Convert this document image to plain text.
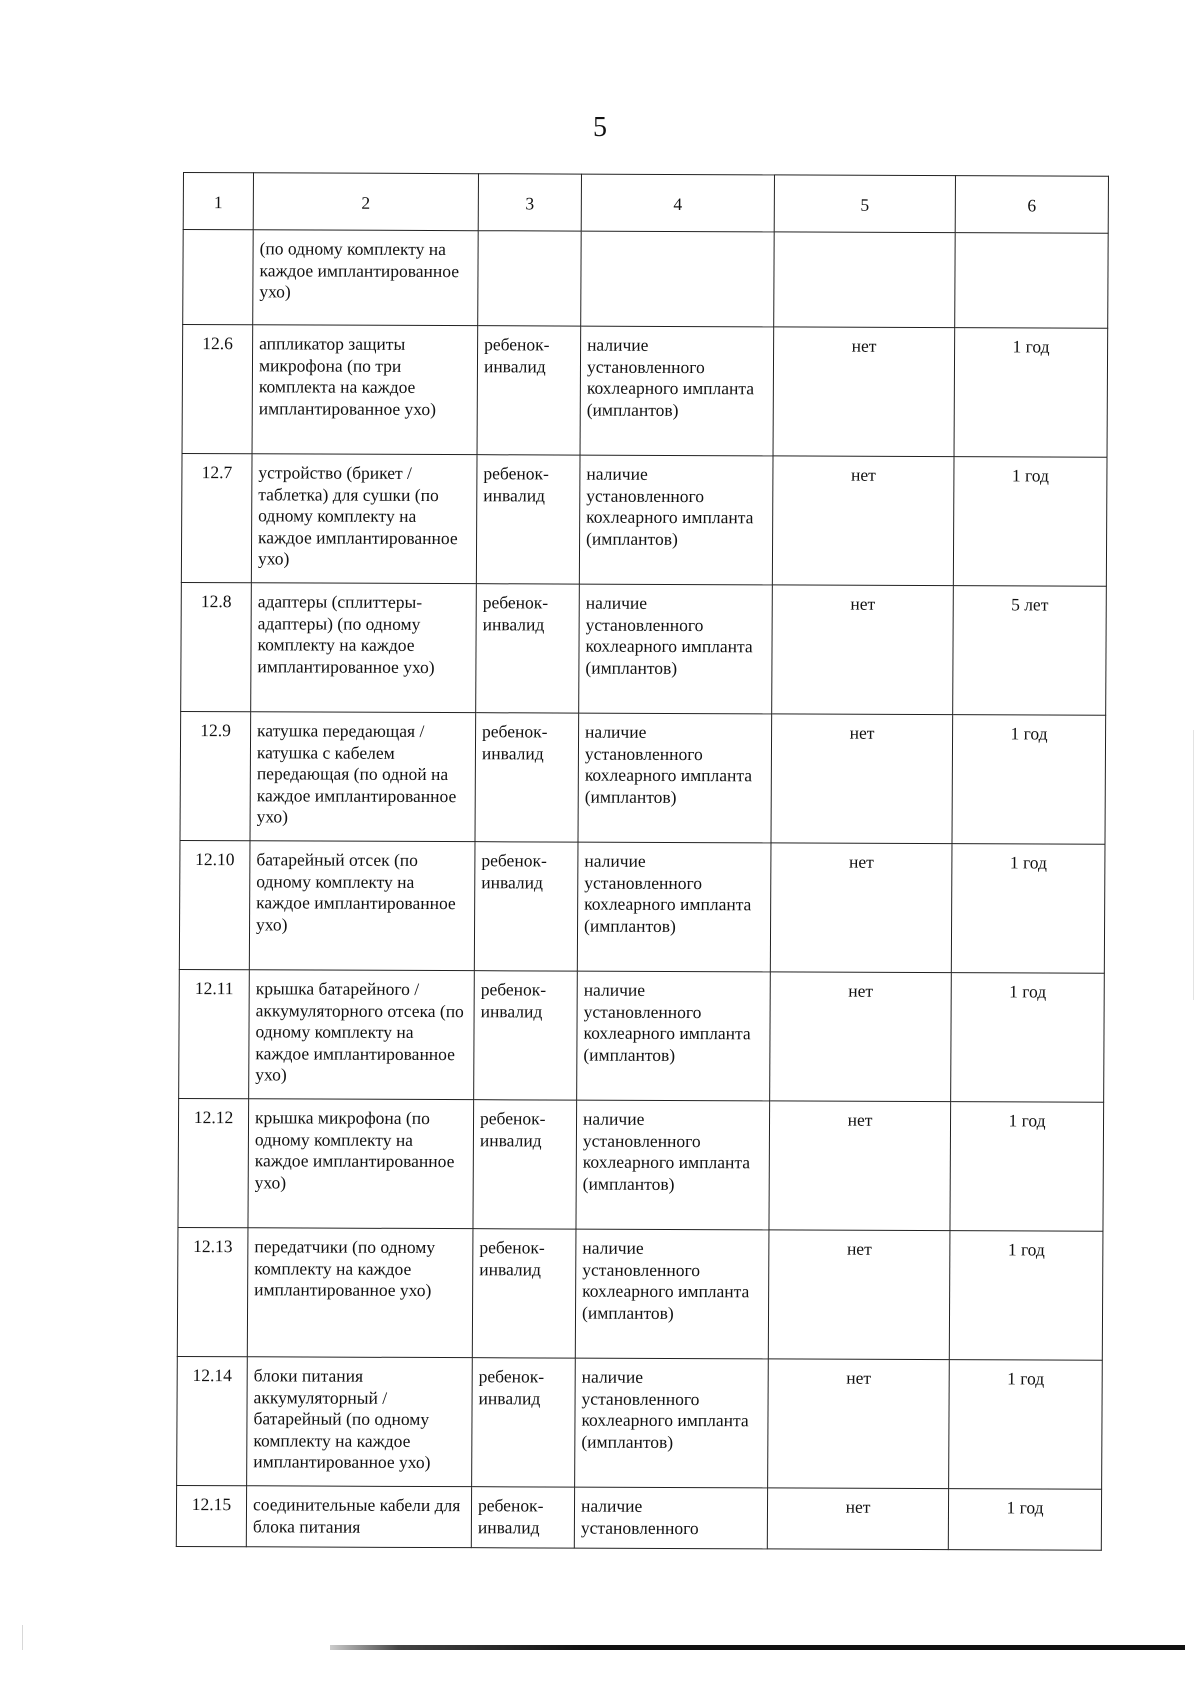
5
1	2	3	4	5	6
	(по одному комплекту на каждое имплантированное ухо)				
12.6	аппликатор защиты микрофона (по три комплекта на каждое имплантированное ухо)	ребенок-инвалид	наличие установленного кохлеарного импланта (имплантов)	нет	1 год
12.7	устройство (брикет / таблетка) для сушки (по одному комплекту на каждое имплантированное ухо)	ребенок-инвалид	наличие установленного кохлеарного импланта (имплантов)	нет	1 год
12.8	адаптеры (сплиттеры-адаптеры) (по одному комплекту на каждое имплантированное ухо)	ребенок-инвалид	наличие установленного кохлеарного импланта (имплантов)	нет	5 лет
12.9	катушка передающая / катушка с кабелем передающая (по одной на каждое имплантированное ухо)	ребенок-инвалид	наличие установленного кохлеарного импланта (имплантов)	нет	1 год
12.10	батарейный отсек (по одному комплекту на каждое имплантированное ухо)	ребенок-инвалид	наличие установленного кохлеарного импланта (имплантов)	нет	1 год
12.11	крышка батарейного / аккумуляторного отсека (по одному комплекту на каждое имплантированное ухо)	ребенок-инвалид	наличие установленного кохлеарного импланта (имплантов)	нет	1 год
12.12	крышка микрофона (по одному комплекту на каждое имплантированное ухо)	ребенок-инвалид	наличие установленного кохлеарного импланта (имплантов)	нет	1 год
12.13	передатчики (по одному комплекту на каждое имплантированное ухо)	ребенок-инвалид	наличие установленного кохлеарного импланта (имплантов)	нет	1 год
12.14	блоки питания аккумуляторный / батарейный (по одному комплекту на каждое имплантированное ухо)	ребенок-инвалид	наличие установленного кохлеарного импланта (имплантов)	нет	1 год
12.15	соединительные кабели для блока питания	ребенок-инвалид	наличие установленного	нет	1 год
